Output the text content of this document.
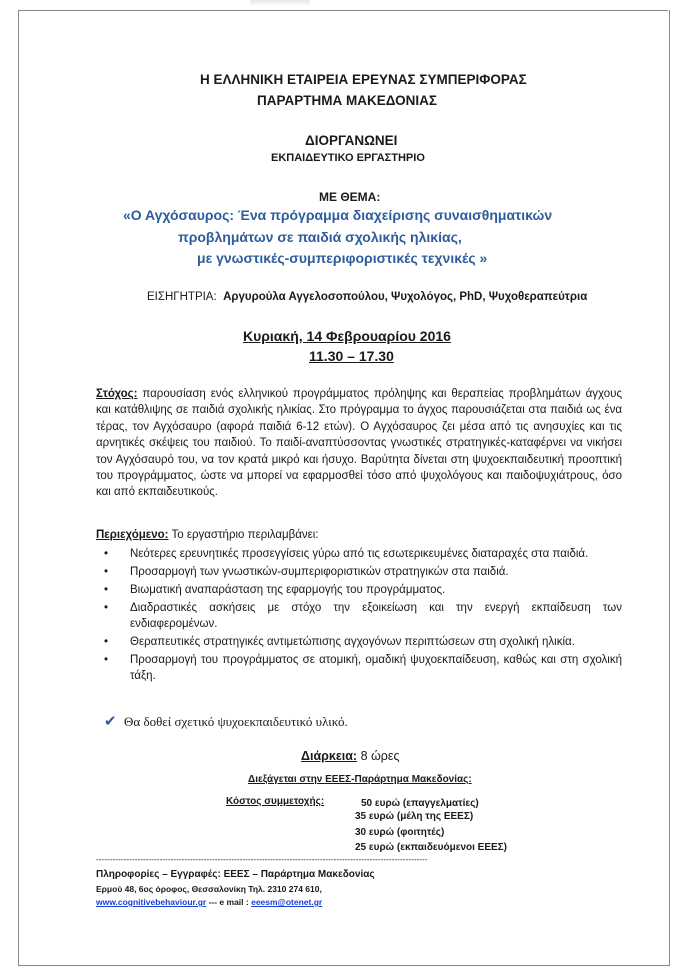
Η ΕΛΛΗΝΙΚΗ ΕΤΑΙΡΕΙΑ ΕΡΕΥΝΑΣ ΣΥΜΠΕΡΙΦΟΡΑΣ
ΠΑΡΑΡΤΗΜΑ ΜΑΚΕΔΟΝΙΑΣ
ΔΙΟΡΓΑΝΩΝΕΙ
ΕΚΠΑΙΔΕΥΤΙΚΟ ΕΡΓΑΣΤΗΡΙΟ
ΜΕ ΘΕΜΑ:
«Ο Αγχόσαυρος: Ένα πρόγραμμα διαχείρισης συναισθηματικών
προβλημάτων σε παιδιά σχολικής ηλικίας,
με γνωστικές-συμπεριφοριστικές τεχνικές »
ΕΙΣΗΓΗΤΡΙΑ: Αργυρούλα Αγγελοσοπούλου, Ψυχολόγος, PhD, Ψυχοθεραπεύτρια
Κυριακή, 14 Φεβρουαρίου 2016
11.30 – 17.30
Στόχος: παρουσίαση ενός ελληνικού προγράμματος πρόληψης και θεραπείας προβλημάτων άγχους και κατάθλιψης σε παιδιά σχολικής ηλικίας. Στο πρόγραμμα το άγχος παρουσιάζεται στα παιδιά ως ένα τέρας, τον Αγχόσαυρο (αφορά παιδιά 6-12 ετών). Ο Αγχόσαυρος ζει μέσα από τις ανησυχίες και τις αρνητικές σκέψεις του παιδιού. Το παιδί-αναπτύσσοντας γνωστικές στρατηγικές-καταφέρνει να νικήσει τον Αγχόσαυρό του, να τον κρατά μικρό και ήσυχο. Βαρύτητα δίνεται στη ψυχοεκπαιδευτική προοπτική του προγράμματος, ώστε να μπορεί να εφαρμοσθεί τόσο από ψυχολόγους και παιδοψυχιάτρους, όσο και από εκπαιδευτικούς.
Περιεχόμενο: Το εργαστήριο περιλαμβάνει:
• Νεότερες ερευνητικές προσεγγίσεις γύρω από τις εσωτερικευμένες διαταραχές στα παιδιά.
• Προσαρμογή των γνωστικών-συμπεριφοριστικών στρατηγικών στα παιδιά.
• Βιωματική αναπαράσταση της εφαρμογής του προγράμματος.
• Διαδραστικές ασκήσεις με στόχο την εξοικείωση και την ενεργή εκπαίδευση των ενδιαφερομένων.
• Θεραπευτικές στρατηγικές αντιμετώπισης αγχογόνων περιπτώσεων στη σχολική ηλικία.
• Προσαρμογή του προγράμματος σε ατομική, ομαδική ψυχοεκπαίδευση, καθώς και στη σχολική τάξη.
✔ Θα δοθεί σχετικό ψυχοεκπαιδευτικό υλικό.
Διάρκεια: 8 ώρες
Διεξάγεται στην ΕΕΕΣ-Παράρτημα Μακεδονίας:
Κόστος συμμετοχής:	50 ευρώ (επαγγελματίες)
35 ευρώ (μέλη της ΕΕΕΣ)
30 ευρώ (φοιτητές)
25 ευρώ (εκπαιδευόμενοι ΕΕΕΣ)
------------------------------------------------------------------------------------------------------------------------
Πληροφορίες – Εγγραφές: ΕΕΕΣ – Παράρτημα Μακεδονίας
Ερμού 48, 6ος όροφος, Θεσσαλονίκη Τηλ. 2310 274 610,
www.cognitivebehaviour.gr --- e mail : eeesm@otenet.gr
